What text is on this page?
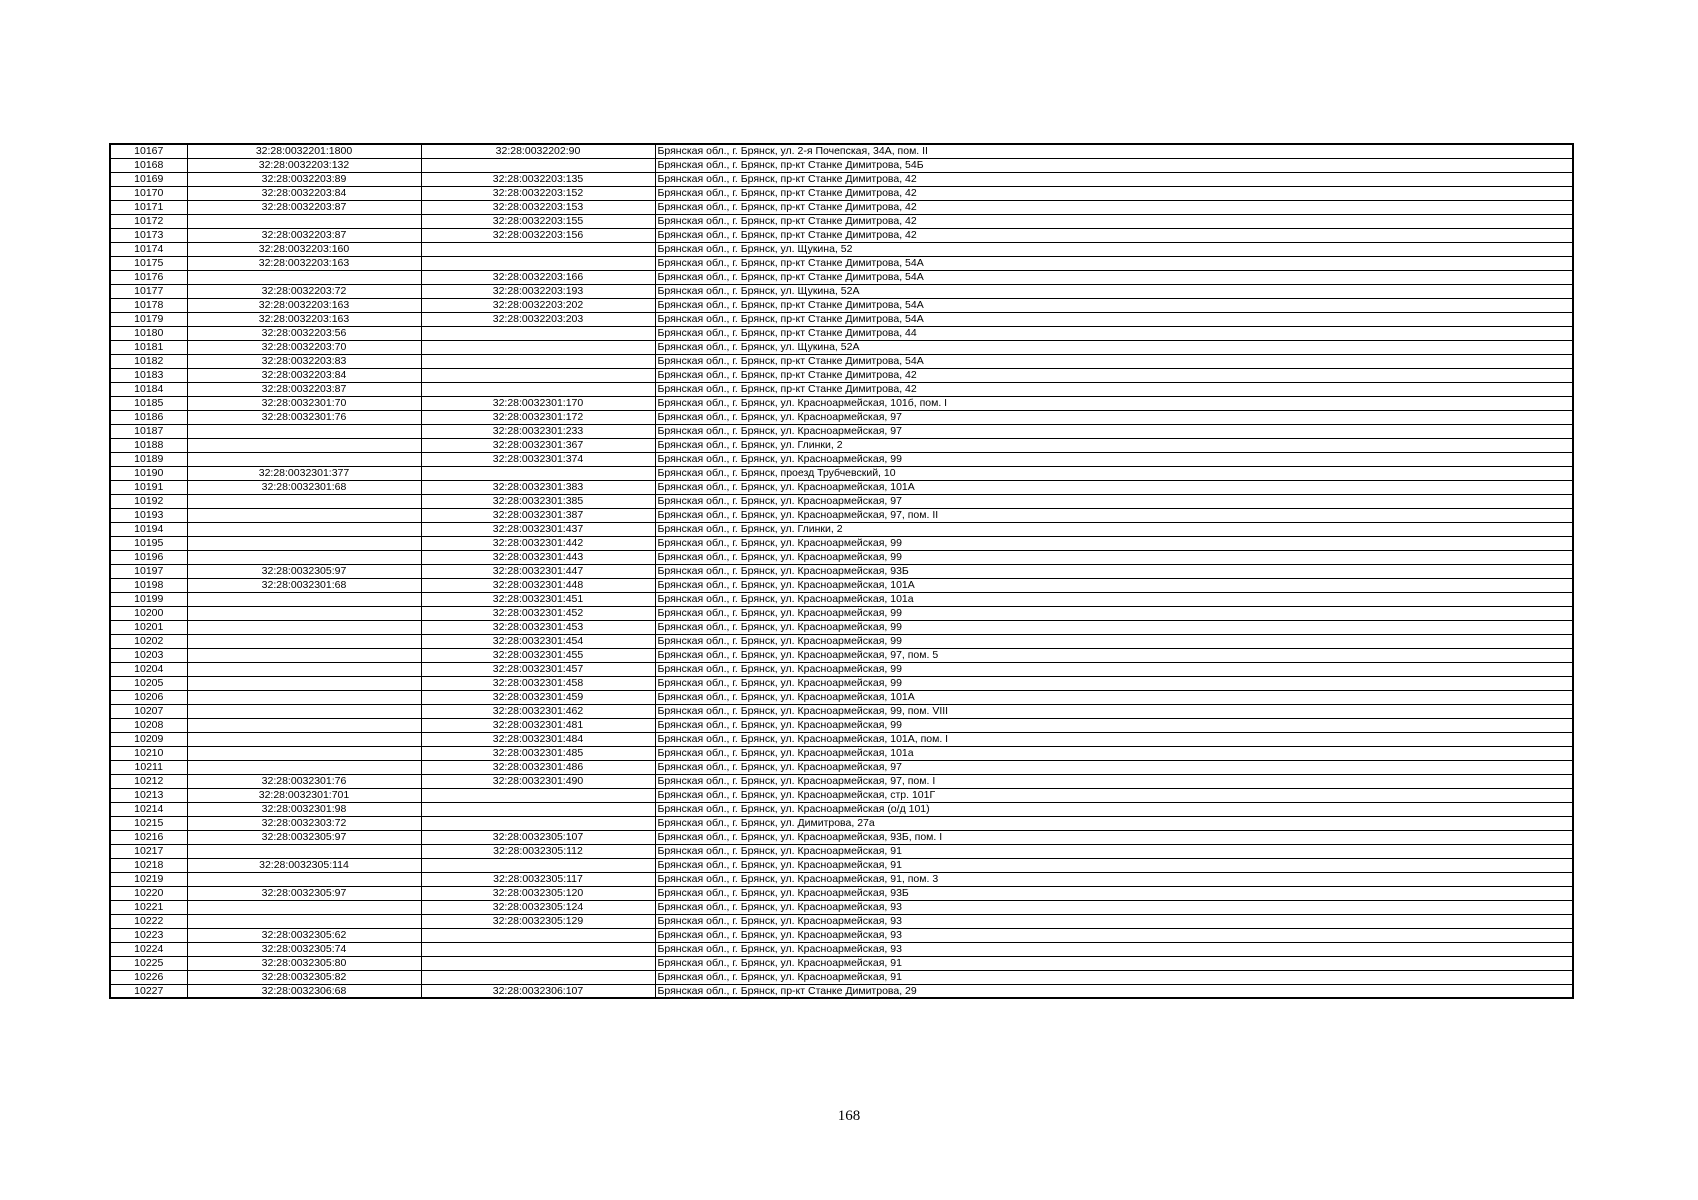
10167	32:28:0032201:1800	32:28:0032202:90	Брянская обл., г. Брянск, ул. 2-я Почепская, 34А, пом. II
10168	32:28:0032203:132		Брянская обл., г. Брянск, пр-кт Станке Димитрова, 54Б
10169	32:28:0032203:89	32:28:0032203:135	Брянская обл., г. Брянск, пр-кт Станке Димитрова, 42
10170	32:28:0032203:84	32:28:0032203:152	Брянская обл., г. Брянск, пр-кт Станке Димитрова, 42
10171	32:28:0032203:87	32:28:0032203:153	Брянская обл., г. Брянск, пр-кт Станке Димитрова, 42
10172		32:28:0032203:155	Брянская обл., г. Брянск, пр-кт Станке Димитрова, 42
10173	32:28:0032203:87	32:28:0032203:156	Брянская обл., г. Брянск, пр-кт Станке Димитрова, 42
10174	32:28:0032203:160		Брянская обл., г. Брянск, ул. Щукина, 52
10175	32:28:0032203:163		Брянская обл., г. Брянск, пр-кт Станке Димитрова, 54А
10176		32:28:0032203:166	Брянская обл., г. Брянск, пр-кт Станке Димитрова, 54А
10177	32:28:0032203:72	32:28:0032203:193	Брянская обл., г. Брянск, ул. Щукина, 52А
10178	32:28:0032203:163	32:28:0032203:202	Брянская обл., г. Брянск, пр-кт Станке Димитрова, 54А
10179	32:28:0032203:163	32:28:0032203:203	Брянская обл., г. Брянск, пр-кт Станке Димитрова, 54А
10180	32:28:0032203:56		Брянская обл., г. Брянск, пр-кт Станке Димитрова, 44
10181	32:28:0032203:70		Брянская обл., г. Брянск, ул. Щукина, 52А
10182	32:28:0032203:83		Брянская обл., г. Брянск, пр-кт Станке Димитрова, 54А
10183	32:28:0032203:84		Брянская обл., г. Брянск, пр-кт Станке Димитрова, 42
10184	32:28:0032203:87		Брянская обл., г. Брянск, пр-кт Станке Димитрова, 42
10185	32:28:0032301:70	32:28:0032301:170	Брянская обл., г. Брянск, ул. Красноармейская, 101б, пом. I
10186	32:28:0032301:76	32:28:0032301:172	Брянская обл., г. Брянск, ул. Красноармейская, 97
10187		32:28:0032301:233	Брянская обл., г. Брянск, ул. Красноармейская, 97
10188		32:28:0032301:367	Брянская обл., г. Брянск, ул. Глинки, 2
10189		32:28:0032301:374	Брянская обл., г. Брянск, ул. Красноармейская, 99
10190	32:28:0032301:377		Брянская обл., г. Брянск, проезд Трубчевский, 10
10191	32:28:0032301:68	32:28:0032301:383	Брянская обл., г. Брянск, ул. Красноармейская, 101А
10192		32:28:0032301:385	Брянская обл., г. Брянск, ул. Красноармейская, 97
10193		32:28:0032301:387	Брянская обл., г. Брянск, ул. Красноармейская, 97, пом. II
10194		32:28:0032301:437	Брянская обл., г. Брянск, ул. Глинки, 2
10195		32:28:0032301:442	Брянская обл., г. Брянск, ул. Красноармейская, 99
10196		32:28:0032301:443	Брянская обл., г. Брянск, ул. Красноармейская, 99
10197	32:28:0032305:97	32:28:0032301:447	Брянская обл., г. Брянск, ул. Красноармейская, 93Б
10198	32:28:0032301:68	32:28:0032301:448	Брянская обл., г. Брянск, ул. Красноармейская, 101А
10199		32:28:0032301:451	Брянская обл., г. Брянск, ул. Красноармейская, 101а
10200		32:28:0032301:452	Брянская обл., г. Брянск, ул. Красноармейская, 99
10201		32:28:0032301:453	Брянская обл., г. Брянск, ул. Красноармейская, 99
10202		32:28:0032301:454	Брянская обл., г. Брянск, ул. Красноармейская, 99
10203		32:28:0032301:455	Брянская обл., г. Брянск, ул. Красноармейская, 97, пом. 5
10204		32:28:0032301:457	Брянская обл., г. Брянск, ул. Красноармейская, 99
10205		32:28:0032301:458	Брянская обл., г. Брянск, ул. Красноармейская, 99
10206		32:28:0032301:459	Брянская обл., г. Брянск, ул. Красноармейская, 101А
10207		32:28:0032301:462	Брянская обл., г. Брянск, ул. Красноармейская, 99, пом. VIII
10208		32:28:0032301:481	Брянская обл., г. Брянск, ул. Красноармейская, 99
10209		32:28:0032301:484	Брянская обл., г. Брянск, ул. Красноармейская, 101А, пом. I
10210		32:28:0032301:485	Брянская обл., г. Брянск, ул. Красноармейская, 101а
10211		32:28:0032301:486	Брянская обл., г. Брянск, ул. Красноармейская, 97
10212	32:28:0032301:76	32:28:0032301:490	Брянская обл., г. Брянск, ул. Красноармейская, 97, пом. I
10213	32:28:0032301:701		Брянская обл., г. Брянск, ул. Красноармейская, стр. 101Г
10214	32:28:0032301:98		Брянская обл., г. Брянск, ул. Красноармейская (о/д 101)
10215	32:28:0032303:72		Брянская обл., г. Брянск, ул. Димитрова, 27а
10216	32:28:0032305:97	32:28:0032305:107	Брянская обл., г. Брянск, ул. Красноармейская, 93Б, пом. I
10217		32:28:0032305:112	Брянская обл., г. Брянск, ул. Красноармейская, 91
10218	32:28:0032305:114		Брянская обл., г. Брянск, ул. Красноармейская, 91
10219		32:28:0032305:117	Брянская обл., г. Брянск, ул. Красноармейская, 91, пом. 3
10220	32:28:0032305:97	32:28:0032305:120	Брянская обл., г. Брянск, ул. Красноармейская, 93Б
10221		32:28:0032305:124	Брянская обл., г. Брянск, ул. Красноармейская, 93
10222		32:28:0032305:129	Брянская обл., г. Брянск, ул. Красноармейская, 93
10223	32:28:0032305:62		Брянская обл., г. Брянск, ул. Красноармейская, 93
10224	32:28:0032305:74		Брянская обл., г. Брянск, ул. Красноармейская, 93
10225	32:28:0032305:80		Брянская обл., г. Брянск, ул. Красноармейская, 91
10226	32:28:0032305:82		Брянская обл., г. Брянск, ул. Красноармейская, 91
10227	32:28:0032306:68	32:28:0032306:107	Брянская обл., г. Брянск, пр-кт Станке Димитрова, 29
168
